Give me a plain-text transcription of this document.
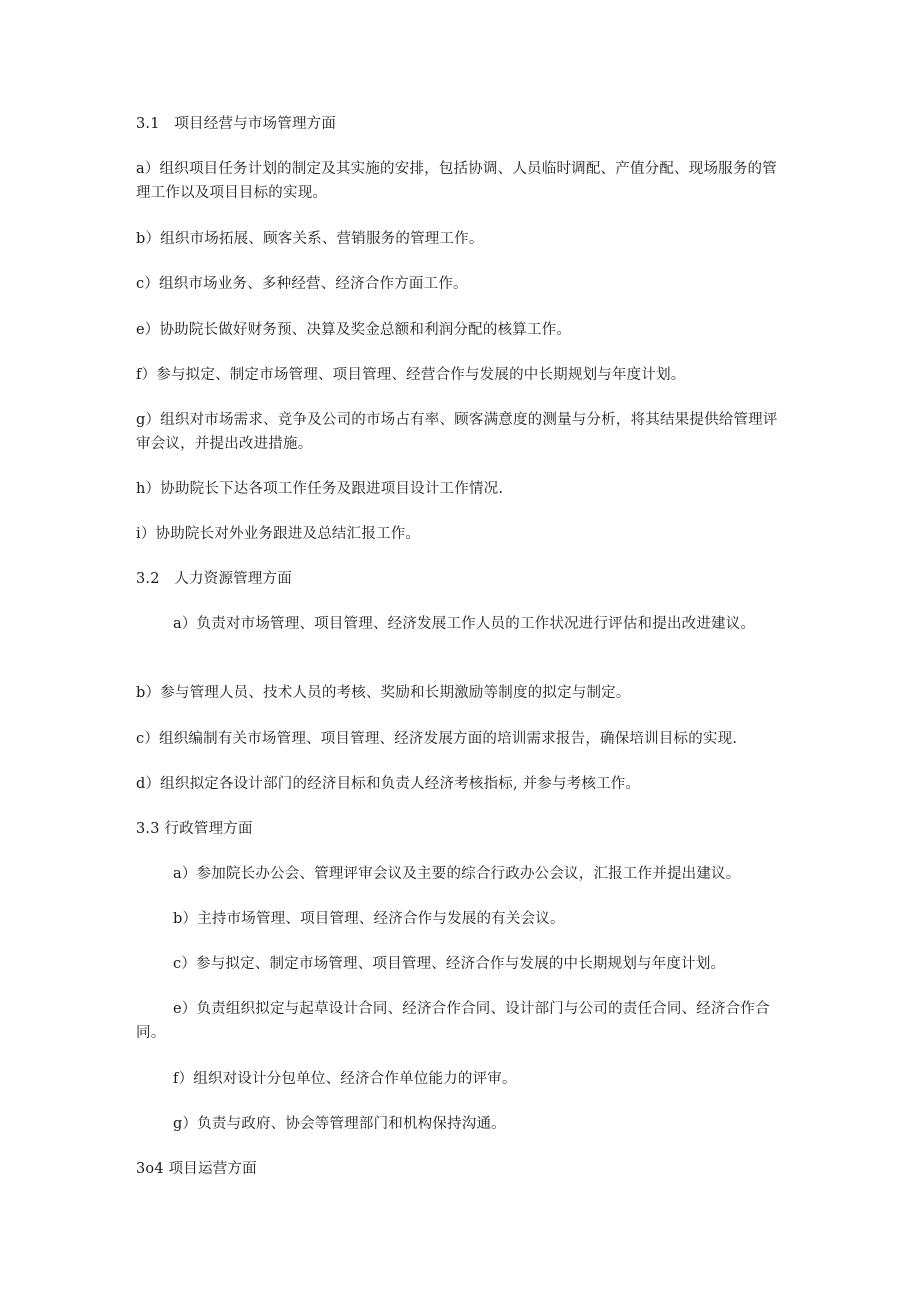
3.1　项目经营与市场管理方面
a）组织项目任务计划的制定及其实施的安排，包括协调、人员临时调配、产值分配、现场服务的管理工作以及项目目标的实现。
b）组织市场拓展、顾客关系、营销服务的管理工作。
c）组织市场业务、多种经营、经济合作方面工作。
e）协助院长做好财务预、决算及奖金总额和利润分配的核算工作。
f）参与拟定、制定市场管理、项目管理、经营合作与发展的中长期规划与年度计划。
g）组织对市场需求、竞争及公司的市场占有率、顾客满意度的测量与分析，将其结果提供给管理评审会议，并提出改进措施。
h）协助院长下达各项工作任务及跟进项目设计工作情况.
i）协助院长对外业务跟进及总结汇报工作。
3.2　人力资源管理方面
a）负责对市场管理、项目管理、经济发展工作人员的工作状况进行评估和提出改进建议。
b）参与管理人员、技术人员的考核、奖励和长期激励等制度的拟定与制定。
c）组织编制有关市场管理、项目管理、经济发展方面的培训需求报告，确保培训目标的实现.
d）组织拟定各设计部门的经济目标和负责人经济考核指标, 并参与考核工作。
3.3 行政管理方面
a）参加院长办公会、管理评审会议及主要的综合行政办公会议，汇报工作并提出建议。
b）主持市场管理、项目管理、经济合作与发展的有关会议。
c）参与拟定、制定市场管理、项目管理、经济合作与发展的中长期规划与年度计划。
e）负责组织拟定与起草设计合同、经济合作合同、设计部门与公司的责任合同、经济合作合同。
f）组织对设计分包单位、经济合作单位能力的评审。
g）负责与政府、协会等管理部门和机构保持沟通。
3o4 项目运营方面
